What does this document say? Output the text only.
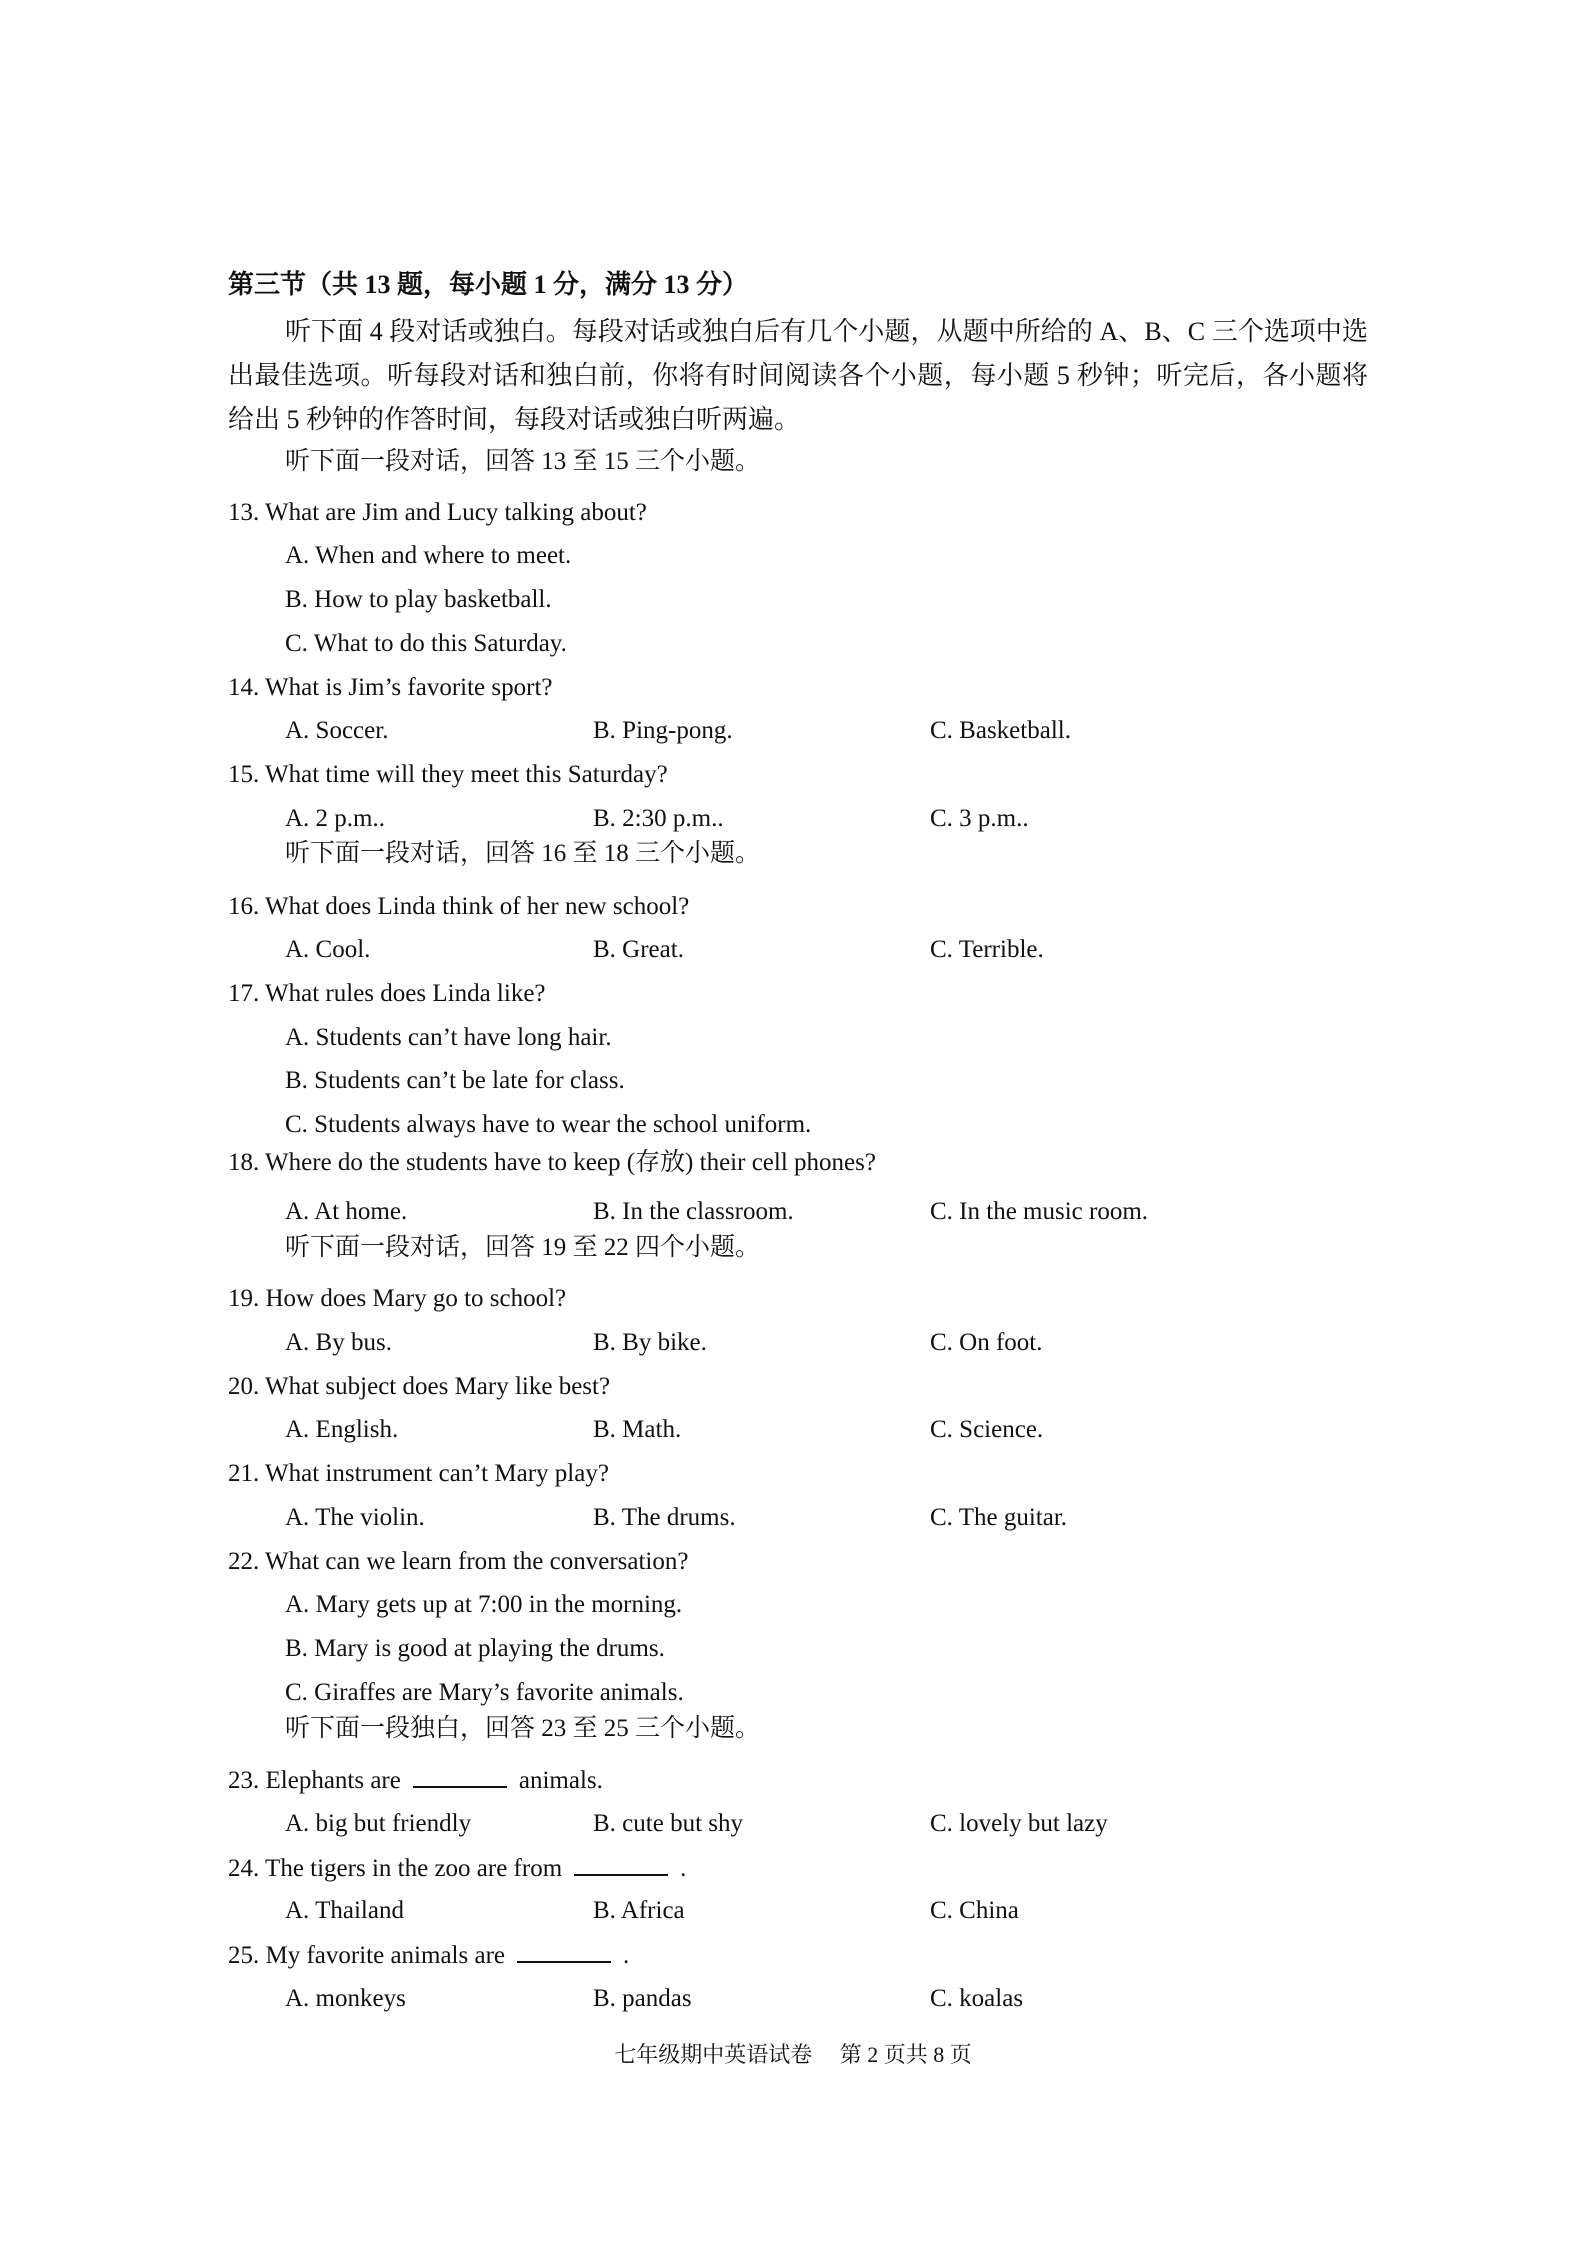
第三节（共 13 题，每小题 1 分，满分 13 分）
听下面 4 段对话或独白。每段对话或独白后有几个小题，从题中所给的 A、B、C 三个选项中选出最佳选项。听每段对话和独白前，你将有时间阅读各个小题，每小题 5 秒钟；听完后，各小题将给出 5 秒钟的作答时间，每段对话或独白听两遍。
听下面一段对话，回答 13 至 15 三个小题。
13. What are Jim and Lucy talking about?
A. When and where to meet.
B. How to play basketball.
C. What to do this Saturday.
14. What is Jim’s favorite sport?
A. Soccer.	B. Ping-pong.	C. Basketball.
15. What time will they meet this Saturday?
A. 2 p.m..	B. 2:30 p.m..	C. 3 p.m..
听下面一段对话，回答 16 至 18 三个小题。
16. What does Linda think of her new school?
A. Cool.	B. Great.	C. Terrible.
17. What rules does Linda like?
A. Students can’t have long hair.
B. Students can’t be late for class.
C. Students always have to wear the school uniform.
18. Where do the students have to keep (存放) their cell phones?
A. At home.	B. In the classroom.	C. In the music room.
听下面一段对话，回答 19 至 22 四个小题。
19. How does Mary go to school?
A. By bus.	B. By bike.	C. On foot.
20. What subject does Mary like best?
A. English.	B. Math.	C. Science.
21. What instrument can’t Mary play?
A. The violin.	B. The drums.	C. The guitar.
22. What can we learn from the conversation?
A. Mary gets up at 7:00 in the morning.
B. Mary is good at playing the drums.
C. Giraffes are Mary’s favorite animals.
听下面一段独白，回答 23 至 25 三个小题。
23. Elephants are	animals.
A. big but friendly	B. cute but shy	C. lovely but lazy
24. The tigers in the zoo are from	.
A. Thailand	B. Africa	C. China
25. My favorite animals are	.
A. monkeys	B. pandas	C. koalas
七年级期中英语试卷　 第 2 页共 8 页
